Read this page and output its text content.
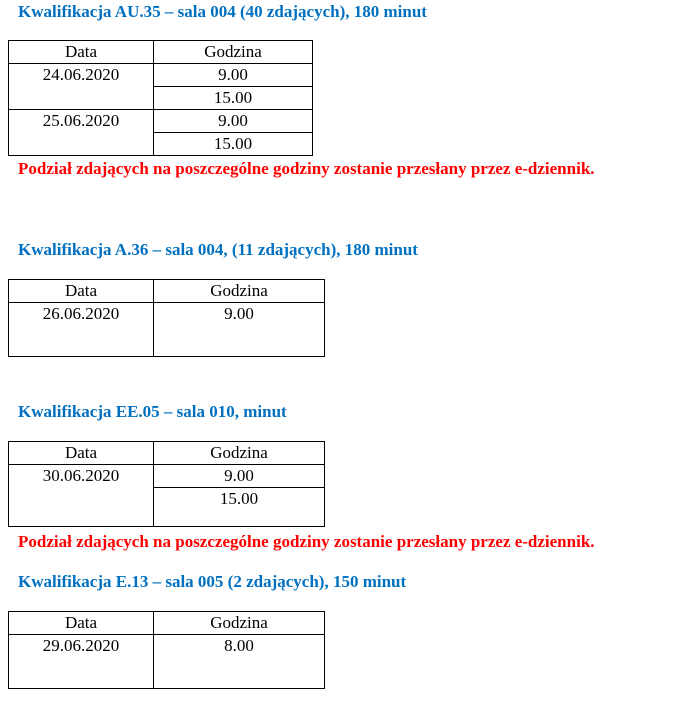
Kwalifikacja AU.35 – sala 004 (40 zdających), 180 minut
Data	Godzina
24.06.2020	9.00
	15.00
25.06.2020	9.00
	15.00
Podział zdających na poszczególne godziny zostanie przesłany przez e-dziennik.
Kwalifikacja A.36 – sala 004, (11 zdających), 180 minut
Data	Godzina
26.06.2020	9.00
Kwalifikacja EE.05 – sala 010, minut
Data	Godzina
30.06.2020	9.00
	15.00
Podział zdających na poszczególne godziny zostanie przesłany przez e-dziennik.
Kwalifikacja E.13 – sala 005 (2 zdających), 150 minut
Data	Godzina
29.06.2020	8.00
